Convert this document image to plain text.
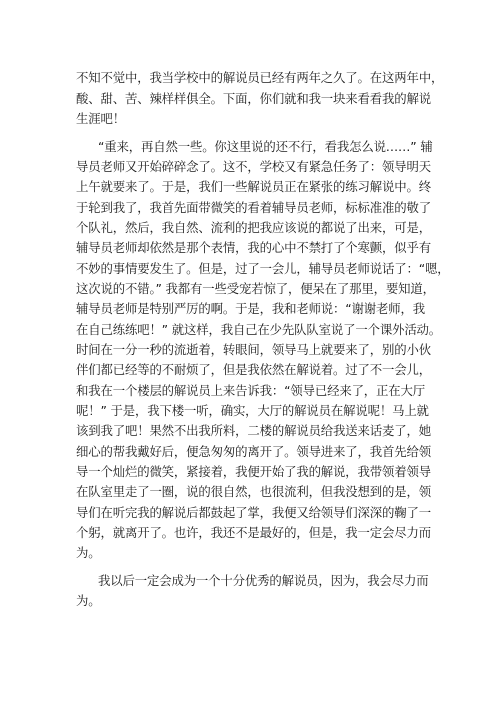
不知不觉中，我当学校中的解说员已经有两年之久了。在这两年中，
酸、甜、苦、辣样样俱全。下面，你们就和我一块来看看我的解说
生涯吧！
“重来，再自然一些。你这里说的还不行，看我怎么说……” 辅
导员老师又开始碎碎念了。这不，学校又有紧急任务了：领导明天
上午就要来了。于是，我们一些解说员正在紧张的练习解说中。终
于轮到我了，我首先面带微笑的看着辅导员老师，标标准准的敬了
个队礼，然后，我自然、流利的把我应该说的都说了出来，可是，
辅导员老师却依然是那个表情，我的心中不禁打了个寒颤，似乎有
不妙的事情要发生了。但是，过了一会儿，辅导员老师说话了：“嗯，
这次说的不错。” 我都有一些受宠若惊了，便呆在了那里，要知道，
辅导员老师是特别严厉的啊。于是，我和老师说：“谢谢老师，我
在自己练练吧！” 就这样，我自己在少先队队室说了一个课外活动。
时间在一分一秒的流逝着，转眼间，领导马上就要来了，别的小伙
伴们都已经等的不耐烦了，但是我依然在解说着。过了不一会儿，
和我在一个楼层的解说员上来告诉我：“领导已经来了，正在大厅
呢！” 于是，我下楼一听，确实，大厅的解说员在解说呢！马上就
该到我了吧！果然不出我所料，二楼的解说员给我送来话麦了，她
细心的帮我戴好后，便急匆匆的离开了。领导进来了，我首先给领
导一个灿烂的微笑，紧接着，我便开始了我的解说，我带领着领导
在队室里走了一圈，说的很自然，也很流利，但我没想到的是，领
导们在听完我的解说后都鼓起了掌，我便又给领导们深深的鞠了一
个躬，就离开了。也许，我还不是最好的，但是，我一定会尽力而
为。
我以后一定会成为一个十分优秀的解说员，因为，我会尽力而
为。
